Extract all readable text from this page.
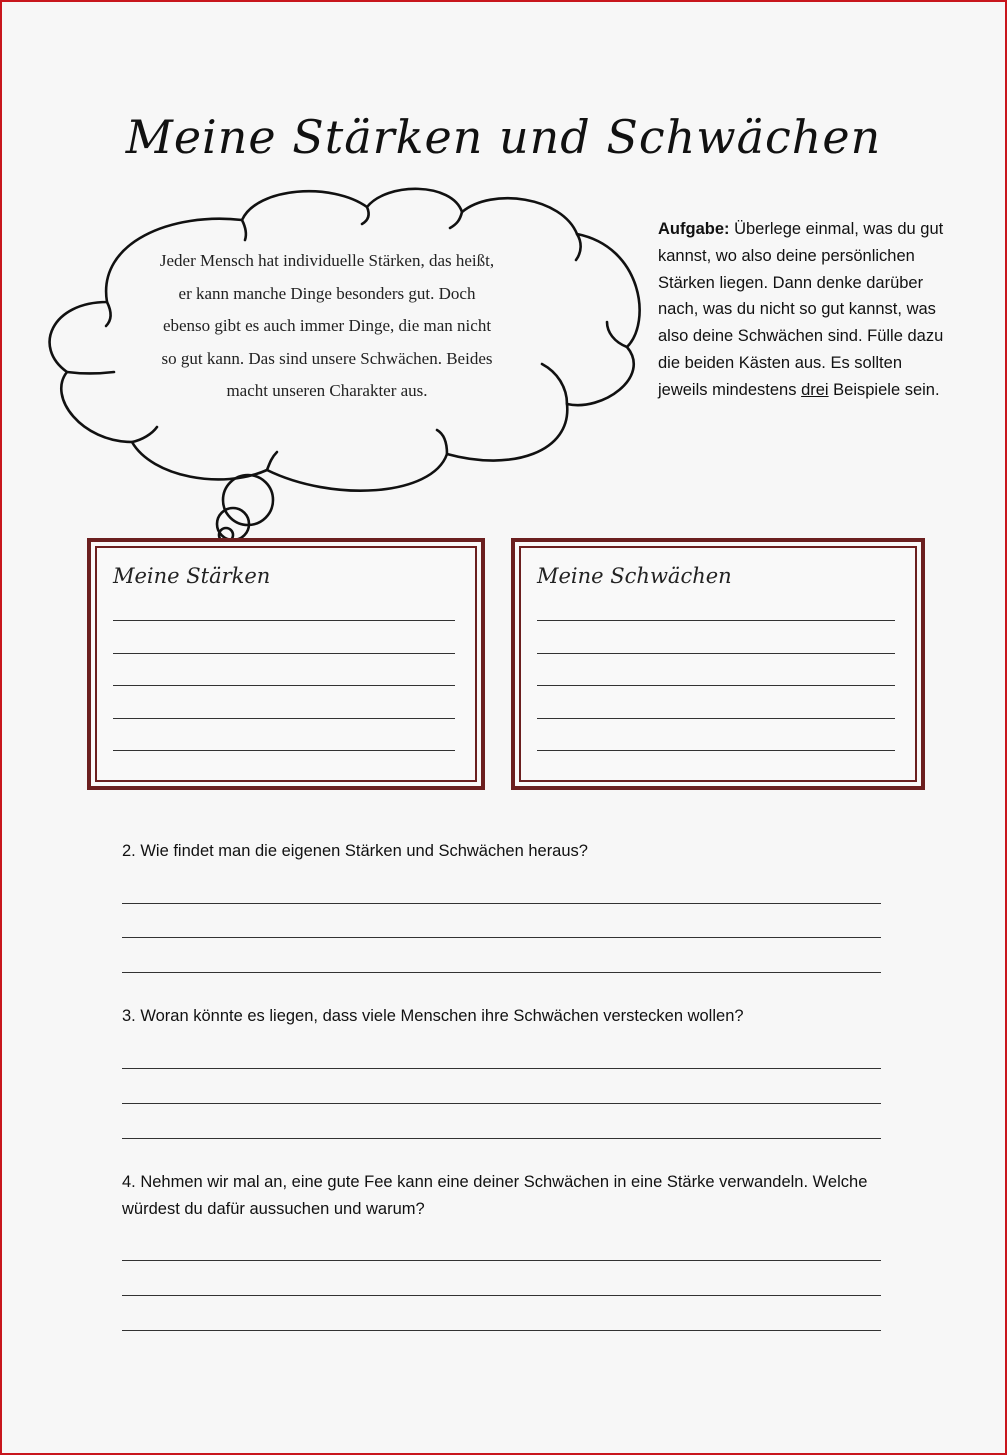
Meine Stärken und Schwächen
Jeder Mensch hat individuelle Stärken, das heißt,
er kann manche Dinge besonders gut. Doch
ebenso gibt es auch immer Dinge, die man nicht
so gut kann. Das sind unsere Schwächen. Beides
macht unseren Charakter aus.
Aufgabe: Überlege einmal, was du gut kannst, wo also deine persönlichen Stärken liegen. Dann denke darüber nach, was du nicht so gut kannst, was also deine Schwächen sind. Fülle dazu die beiden Kästen aus. Es sollten jeweils mindestens drei Beispiele sein.
Meine Stärken	Meine Schwächen
2. Wie findet man die eigenen Stärken und Schwächen heraus?
3. Woran könnte es liegen, dass viele Menschen ihre Schwächen verstecken wollen?
4. Nehmen wir mal an, eine gute Fee kann eine deiner Schwächen in eine Stärke verwandeln. Welche würdest du dafür aussuchen und warum?
